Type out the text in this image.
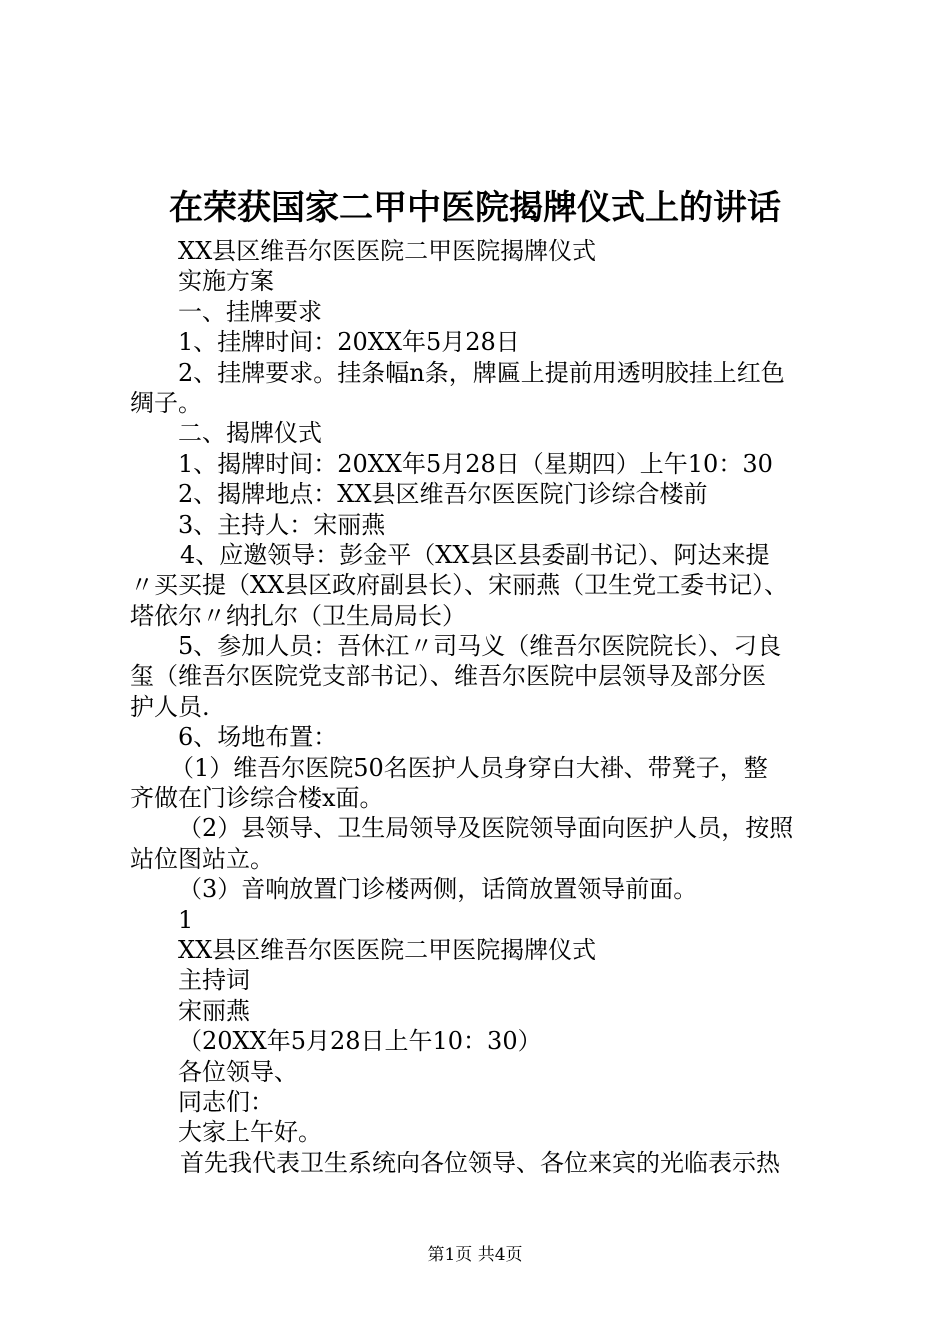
在荣获国家二甲中医院揭牌仪式上的讲话
XX县区维吾尔医医院二甲医院揭牌仪式
实施方案
一、挂牌要求
1、挂牌时间：20XX年5月28日
2、挂牌要求。挂条幅n条，牌匾上提前用透明胶挂上红色
绸子。
二、揭牌仪式
1、揭牌时间：20XX年5月28日（星期四）上午10：30
2、揭牌地点：XX县区维吾尔医医院门诊综合楼前
3、主持人：宋丽燕
4、应邀领导：彭金平（XX县区县委副书记）、阿达来提
〃买买提（XX县区政府副县长）、宋丽燕（卫生党工委书记）、
塔依尔〃纳扎尔（卫生局局长）
5、参加人员：吾休江〃司马义（维吾尔医院院长）、刁良
玺（维吾尔医院党支部书记）、维吾尔医院中层领导及部分医
护人员.
6、场地布置：
（1）维吾尔医院50名医护人员身穿白大褂、带凳子，整
齐做在门诊综合楼x面。
（2）县领导、卫生局领导及医院领导面向医护人员，按照
站位图站立。
（3）音响放置门诊楼两侧，话筒放置领导前面。
1
XX县区维吾尔医医院二甲医院揭牌仪式
主持词
宋丽燕
（20XX年5月28日上午10：30）
各位领导、
同志们：
大家上午好。
首先我代表卫生系统向各位领导、各位来宾的光临表示热
第1页 共4页
